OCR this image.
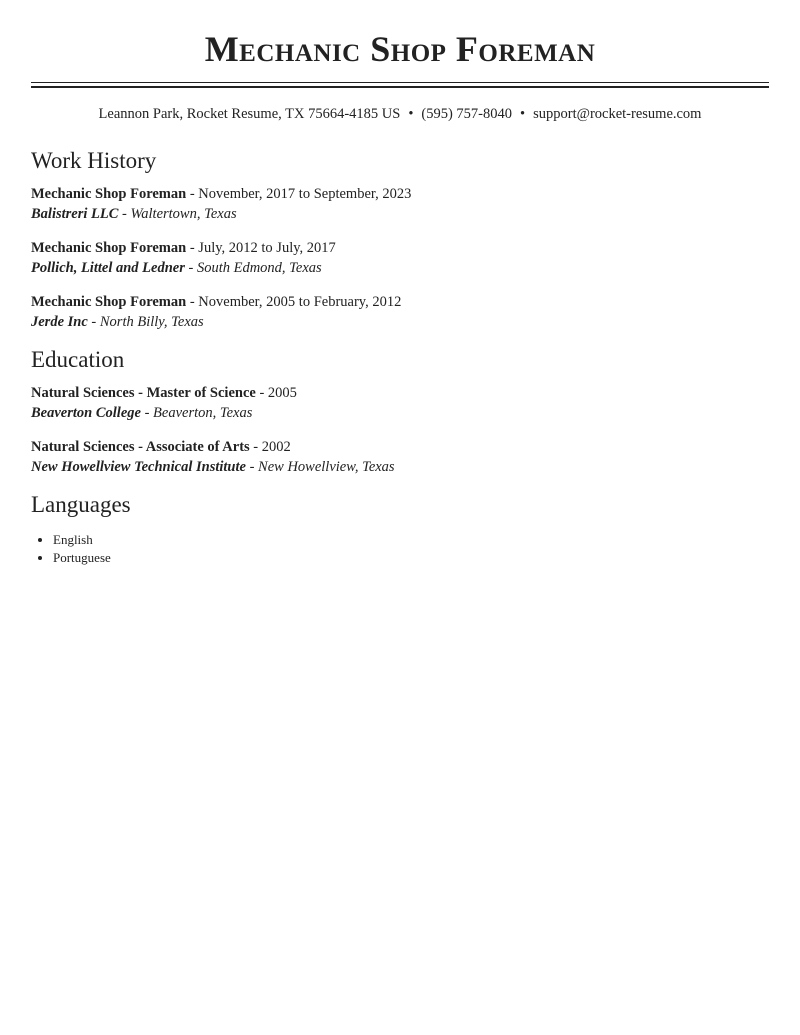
Mechanic Shop Foreman
Leannon Park, Rocket Resume, TX 75664-4185 US • (595) 757-8040 • support@rocket-resume.com
Work History
Mechanic Shop Foreman - November, 2017 to September, 2023
Balistreri LLC - Waltertown, Texas
Mechanic Shop Foreman - July, 2012 to July, 2017
Pollich, Littel and Ledner - South Edmond, Texas
Mechanic Shop Foreman - November, 2005 to February, 2012
Jerde Inc - North Billy, Texas
Education
Natural Sciences - Master of Science - 2005
Beaverton College - Beaverton, Texas
Natural Sciences - Associate of Arts - 2002
New Howellview Technical Institute - New Howellview, Texas
Languages
• English
• Portuguese
